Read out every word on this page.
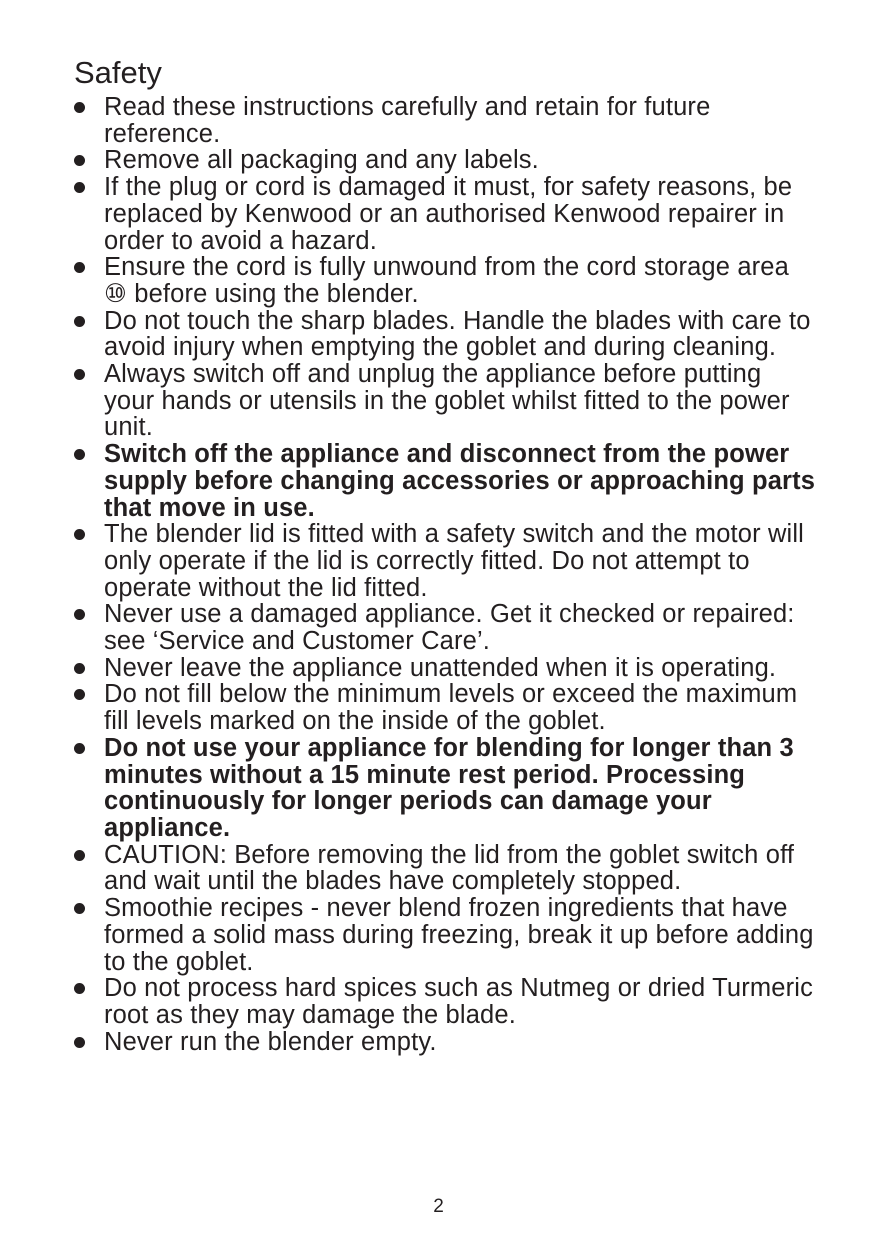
Safety
Read these instructions carefully and retain for future reference.
Remove all packaging and any labels.
If the plug or cord is damaged it must, for safety reasons, be replaced by Kenwood or an authorised Kenwood repairer in order to avoid a hazard.
Ensure the cord is fully unwound from the cord storage area ⑩ before using the blender.
Do not touch the sharp blades. Handle the blades with care to avoid injury when emptying the goblet and during cleaning.
Always switch off and unplug the appliance before putting your hands or utensils in the goblet whilst fitted to the power unit.
Switch off the appliance and disconnect from the power supply before changing accessories or approaching parts that move in use.
The blender lid is fitted with a safety switch and the motor will only operate if the lid is correctly fitted. Do not attempt to operate without the lid fitted.
Never use a damaged appliance. Get it checked or repaired: see ‘Service and Customer Care’.
Never leave the appliance unattended when it is operating.
Do not fill below the minimum levels or exceed the maximum fill levels marked on the inside of the goblet.
Do not use your appliance for blending for longer than 3 minutes without a 15 minute rest period. Processing continuously for longer periods can damage your appliance.
CAUTION: Before removing the lid from the goblet switch off and wait until the blades have completely stopped.
Smoothie recipes - never blend frozen ingredients that have formed a solid mass during freezing, break it up before adding to the goblet.
Do not process hard spices such as Nutmeg or dried Turmeric root as they may damage the blade.
Never run the blender empty.
2
